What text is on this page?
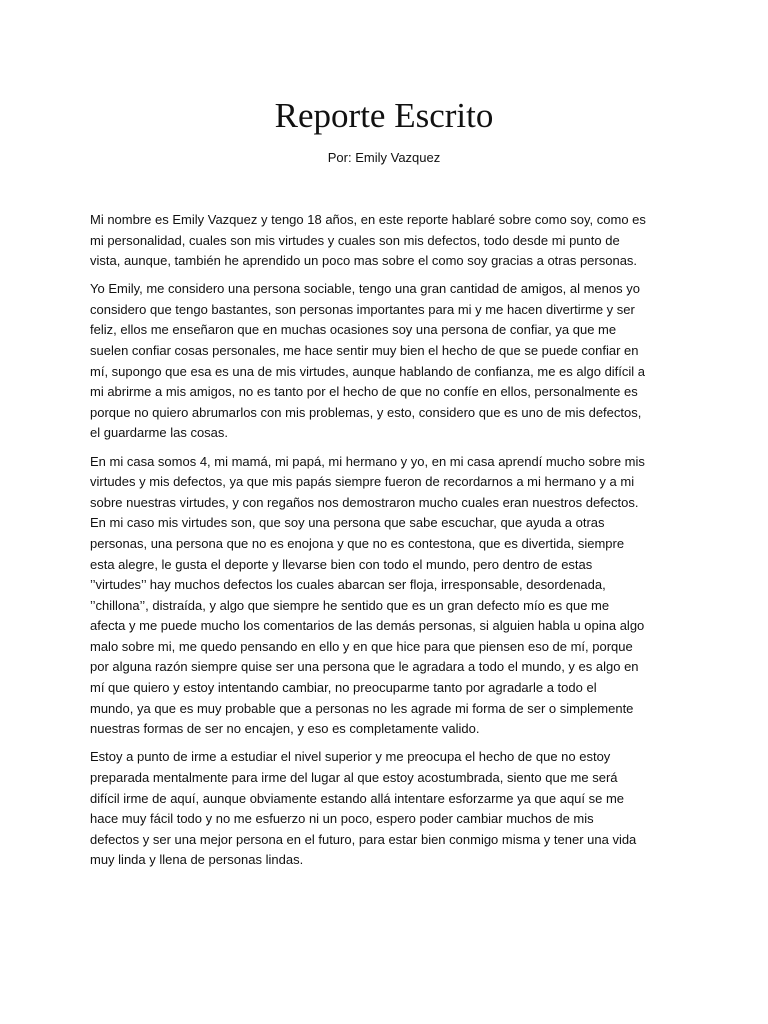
Reporte Escrito
Por: Emily Vazquez

Mi nombre es Emily Vazquez y tengo 18 años, en este reporte hablaré sobre como soy, como es
mi personalidad, cuales son mis virtudes y cuales son mis defectos, todo desde mi punto de
vista, aunque, también he aprendido un poco mas sobre el como soy gracias a otras personas.

Yo Emily, me considero una persona sociable, tengo una gran cantidad de amigos, al menos yo
considero que tengo bastantes, son personas importantes para mi y me hacen divertirme y ser
feliz, ellos me enseñaron que en muchas ocasiones soy una persona de confiar, ya que me
suelen confiar cosas personales, me hace sentir muy bien el hecho de que se puede confiar en
mí, supongo que esa es una de mis virtudes, aunque hablando de confianza, me es algo difícil a
mi abrirme a mis amigos, no es tanto por el hecho de que no confíe en ellos, personalmente es
porque no quiero abrumarlos con mis problemas, y esto, considero que es uno de mis defectos,
el guardarme las cosas.

En mi casa somos 4, mi mamá, mi papá, mi hermano y yo, en mi casa aprendí mucho sobre mis
virtudes y mis defectos, ya que mis papás siempre fueron de recordarnos a mi hermano y a mi
sobre nuestras virtudes, y con regaños nos demostraron mucho cuales eran nuestros defectos.
En mi caso mis virtudes son, que soy una persona que sabe escuchar, que ayuda a otras
personas, una persona que no es enojona y que no es contestona, que es divertida, siempre
esta alegre, le gusta el deporte y llevarse bien con todo el mundo, pero dentro de estas
’’virtudes’’ hay muchos defectos los cuales abarcan ser floja, irresponsable, desordenada,
’’chillona’’, distraída, y algo que siempre he sentido que es un gran defecto mío es que me
afecta y me puede mucho los comentarios de las demás personas, si alguien habla u opina algo
malo sobre mi, me quedo pensando en ello y en que hice para que piensen eso de mí, porque
por alguna razón siempre quise ser una persona que le agradara a todo el mundo, y es algo en
mí que quiero y estoy intentando cambiar, no preocuparme tanto por agradarle a todo el
mundo, ya que es muy probable que a personas no les agrade mi forma de ser o simplemente
nuestras formas de ser no encajen, y eso es completamente valido.

Estoy a punto de irme a estudiar el nivel superior y me preocupa el hecho de que no estoy
preparada mentalmente para irme del lugar al que estoy acostumbrada, siento que me será
difícil irme de aquí, aunque obviamente estando allá intentare esforzarme ya que aquí se me
hace muy fácil todo y no me esfuerzo ni un poco, espero poder cambiar muchos de mis
defectos y ser una mejor persona en el futuro, para estar bien conmigo misma y tener una vida
muy linda y llena de personas lindas.
